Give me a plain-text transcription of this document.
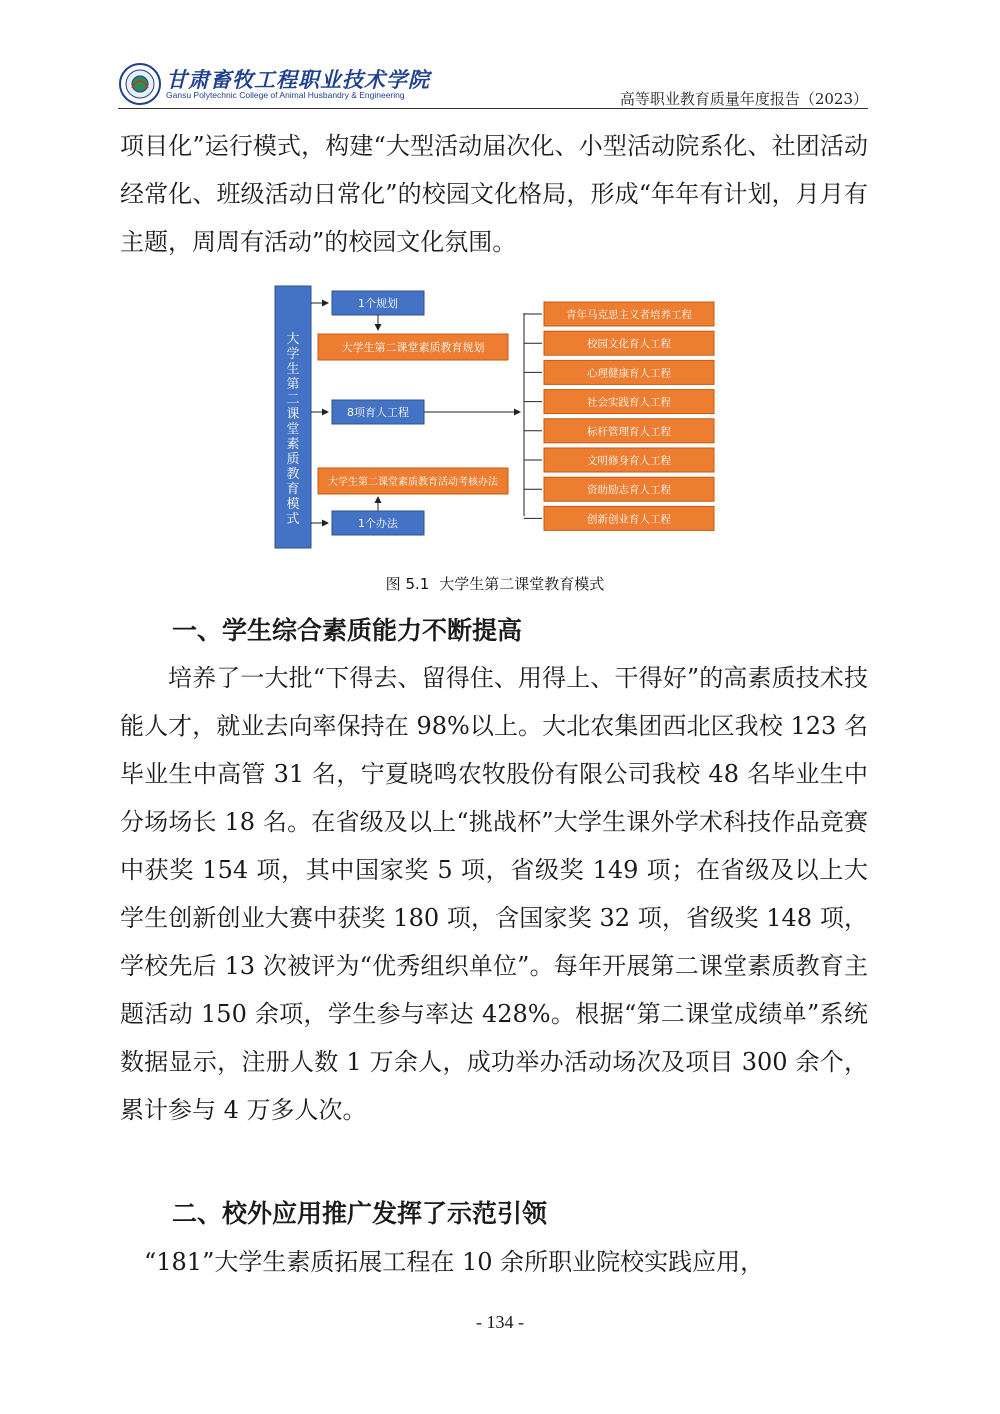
甘肃畜牧工程职业技术学院
Gansu Polytechnic College of Animal Husbandry & Engineering	高等职业教育质量年度报告（2023）
项目化”运行模式，构建“大型活动届次化、小型活动院系化、社团活动经常化、班级活动日常化”的校园文化格局，形成“年年有计划，月月有主题，周周有活动”的校园文化氛围。
大学生第二课堂素质教育模式
1个规划
大学生第二课堂素质教育规划
8项育人工程
大学生第二课堂素质教育活动考核办法
1个办法
青年马克思主义者培养工程
校园文化育人工程
心理健康育人工程
社会实践育人工程
标杆管理育人工程
文明修身育人工程
资助励志育人工程
创新创业育人工程
图 5.1 大学生第二课堂教育模式
一、学生综合素质能力不断提高
培养了一大批“下得去、留得住、用得上、干得好”的高素质技术技能人才，就业去向率保持在 98%以上。大北农集团西北区我校 123 名毕业生中高管 31 名，宁夏晓鸣农牧股份有限公司我校 48 名毕业生中分场场长 18 名。在省级及以上“挑战杯”大学生课外学术科技作品竞赛中获奖 154 项，其中国家奖 5 项，省级奖 149 项；在省级及以上大学生创新创业大赛中获奖 180 项，含国家奖 32 项，省级奖 148 项，学校先后 13 次被评为“优秀组织单位”。每年开展第二课堂素质教育主题活动 150 余项，学生参与率达 428%。根据“第二课堂成绩单”系统数据显示，注册人数 1 万余人，成功举办活动场次及项目 300 余个，累计参与 4 万多人次。
二、校外应用推广发挥了示范引领
“181”大学生素质拓展工程在 10 余所职业院校实践应用，
- 134 -
